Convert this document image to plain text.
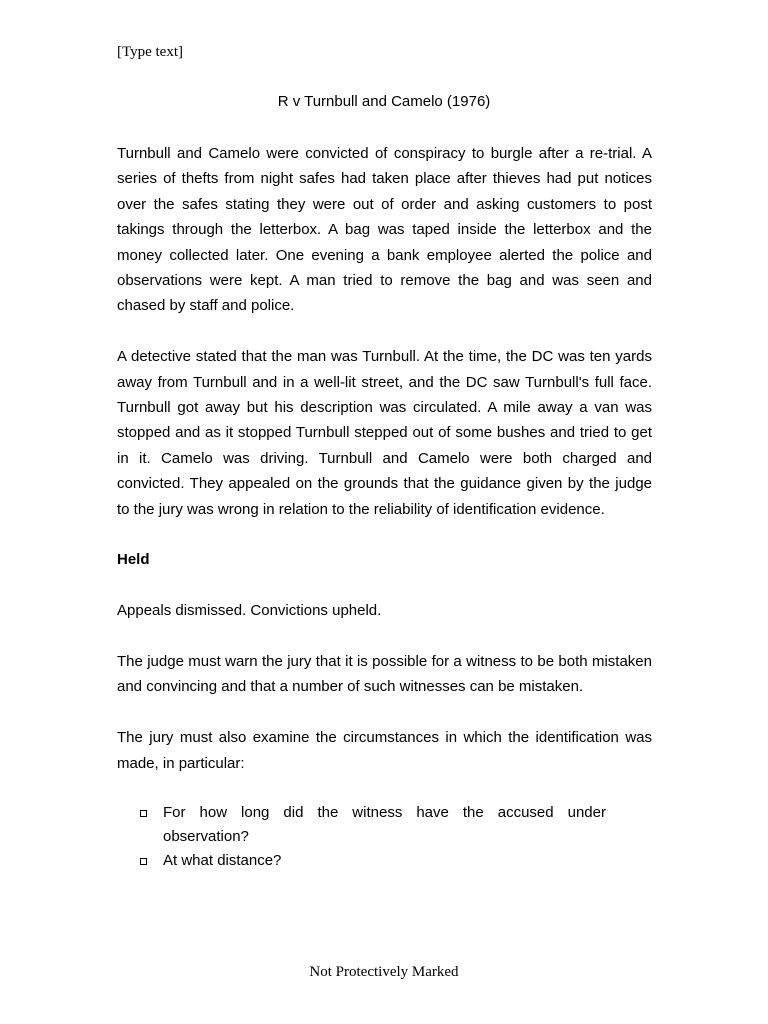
[Type text]
R v Turnbull and Camelo (1976)

Turnbull and Camelo were convicted of conspiracy to burgle after a re-trial. A series of thefts from night safes had taken place after thieves had put notices over the safes stating they were out of order and asking customers to post takings through the letterbox. A bag was taped inside the letterbox and the money collected later. One evening a bank employee alerted the police and observations were kept. A man tried to remove the bag and was seen and chased by staff and police.

A detective stated that the man was Turnbull. At the time, the DC was ten yards away from Turnbull and in a well-lit street, and the DC saw Turnbull's full face. Turnbull got away but his description was circulated. A mile away a van was stopped and as it stopped Turnbull stepped out of some bushes and tried to get in it. Camelo was driving. Turnbull and Camelo were both charged and convicted. They appealed on the grounds that the guidance given by the judge to the jury was wrong in relation to the reliability of identification evidence.

Held

Appeals dismissed. Convictions upheld.

The judge must warn the jury that it is possible for a witness to be both mistaken and convincing and that a number of such witnesses can be mistaken.

The jury must also examine the circumstances in which the identification was made, in particular:

For how long did the witness have the accused under observation?
At what distance?
Not Protectively Marked
